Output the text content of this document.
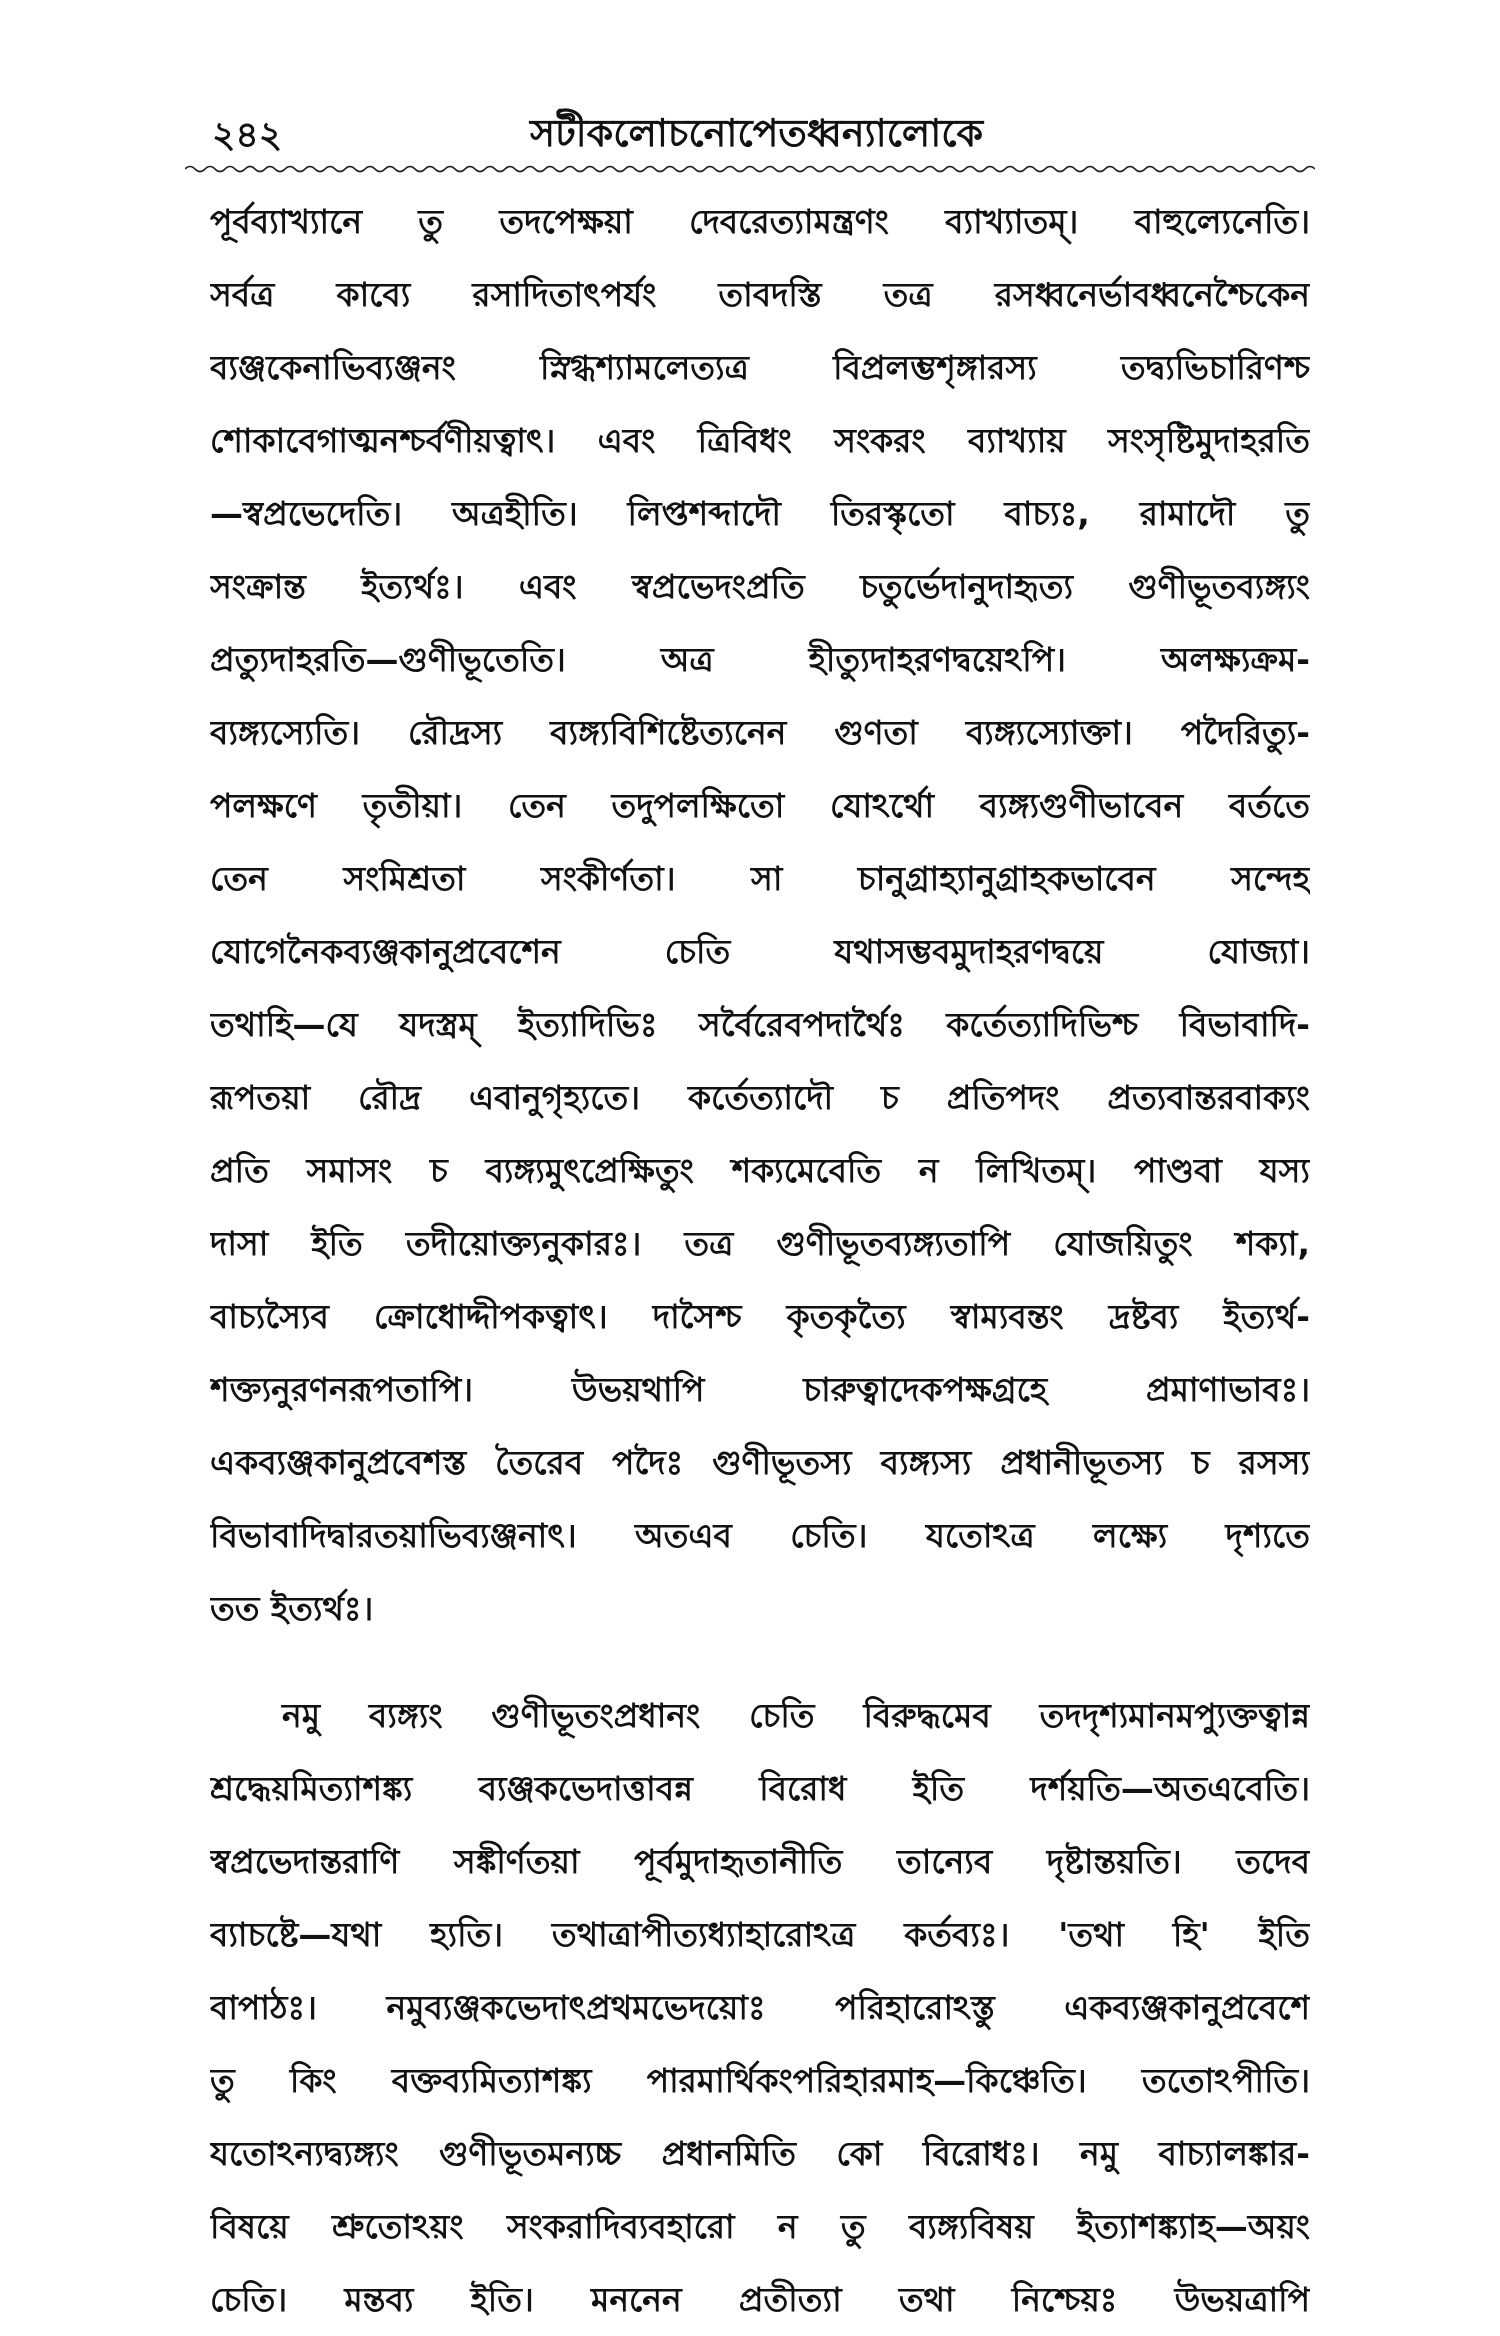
২৪২	সটীকলোচনোপেতধ্বন্যালোকে
পূর্বব্যাখ্যানে তু তদপেক্ষয়া দেবরেত্যামন্ত্রণং ব্যাখ্যাতম্। বাহুল্যেনেতি।
সর্বত্র কাব্যে রসাদিতাৎপর্যং তাবদস্তি তত্র রসধ্বনের্ভাবধ্বনেশ্চৈকেন
ব্যঞ্জকেনাভিব্যঞ্জনং স্নিগ্ধশ্যামলেত্যত্র বিপ্রলম্ভশৃঙ্গারস্য তদ্ব্যভিচারিণশ্চ
শোকাবেগাত্মনশ্চর্বণীয়ত্বাৎ। এবং ত্রিবিধং সংকরং ব্যাখ্যায় সংসৃষ্টিমুদাহরতি
—স্বপ্রভেদেতি। অত্রহীতি। লিপ্তশব্দাদৌ তিরস্কৃতো বাচ্যঃ, রামাদৌ তু
সংক্রান্ত ইত্যর্থঃ। এবং স্বপ্রভেদংপ্রতি চতুর্ভেদানুদাহৃত্য গুণীভূতব্যঙ্গ্যং
প্রত্যুদাহরতি—গুণীভূতেতি। অত্র হীত্যুদাহরণদ্বয়েঽপি। অলক্ষ্যক্রম-
ব্যঙ্গ্যস্যেতি। রৌদ্রস্য ব্যঙ্গ্যবিশিষ্টেত্যনেন গুণতা ব্যঙ্গ্যস্যোক্তা। পদৈরিত্যু-
পলক্ষণে তৃতীয়া। তেন তদুপলক্ষিতো যোঽর্থো ব্যঙ্গ্যগুণীভাবেন বর্ততে
তেন সংমিশ্রতা সংকীর্ণতা। সা চানুগ্রাহ্যানুগ্রাহকভাবেন সন্দেহ
যোগেনৈকব্যঞ্জকানুপ্রবেশেন চেতি যথাসম্ভবমুদাহরণদ্বয়ে যোজ্যা।
তথাহি—যে যদস্ত্রম্ ইত্যাদিভিঃ সর্বৈরেবপদার্থৈঃ কর্তেত্যাদিভিশ্চ বিভাবাদি-
রূপতয়া রৌদ্র এবানুগৃহ্যতে। কর্তেত্যাদৌ চ প্রতিপদং প্রত্যবান্তরবাক্যং
প্রতি সমাসং চ ব্যঙ্গ্যমুৎপ্রেক্ষিতুং শক্যমেবেতি ন লিখিতম্। পাণ্ডবা যস্য
দাসা ইতি তদীয়োক্ত্যনুকারঃ। তত্র গুণীভূতব্যঙ্গ্যতাপি যোজয়িতুং শক্যা,
বাচ্যস্যৈব ক্রোধোদ্দীপকত্বাৎ। দাসৈশ্চ কৃতকৃত্যৈ স্বাম্যবন্তং দ্রষ্টব্য ইত্যর্থ-
শক্ত্যনুরণনরূপতাপি। উভয়থাপি চারুত্বাদেকপক্ষগ্রহে প্রমাণাভাবঃ।
একব্যঞ্জকানুপ্রবেশস্ত তৈরেব পদৈঃ গুণীভূতস্য ব্যঙ্গ্যস্য প্রধানীভূতস্য চ রসস্য
বিভাবাদিদ্বারতয়াভিব্যঞ্জনাৎ। অতএব চেতি। যতোঽত্র লক্ষ্যে দৃশ্যতে
তত ইত্যর্থঃ।
নমু ব্যঙ্গ্যং গুণীভূতংপ্রধানং চেতি বিরুদ্ধমেব তদদৃশ্যমানমপ্যুক্তত্বান্ন
শ্রদ্ধেয়মিত্যাশঙ্ক্য ব্যঞ্জকভেদাত্তাবন্ন বিরোধ ইতি দর্শয়তি—অতএবেতি।
স্বপ্রভেদান্তরাণি সঙ্কীর্ণতয়া পূর্বমুদাহৃতানীতি তান্যেব দৃষ্টান্তয়তি। তদেব
ব্যাচষ্টে—যথা হ্যতি। তথাত্রাপীত্যধ্যাহারোঽত্র কর্তব্যঃ। 'তথা হি' ইতি
বাপাঠঃ। নমুব্যঞ্জকভেদাৎপ্রথমভেদয়োঃ পরিহারোঽস্তু একব্যঞ্জকানুপ্রবেশে
তু কিং বক্তব্যমিত্যাশঙ্ক্য পারমার্থিকংপরিহারমাহ—কিঞ্চেতি। ততোঽপীতি।
যতোঽন্যদ্ব্যঙ্গ্যং গুণীভূতমন্যচ্চ প্রধানমিতি কো বিরোধঃ। নমু বাচ্যালঙ্কার-
বিষয়ে শ্রুতোঽয়ং সংকরাদিব্যবহারো ন তু ব্যঙ্গ্যবিষয় ইত্যাশঙ্ক্যাহ—অয়ং
চেতি। মন্তব্য ইতি। মননেন প্রতীত্যা তথা নিশ্চেয়ঃ উভয়ত্রাপি
